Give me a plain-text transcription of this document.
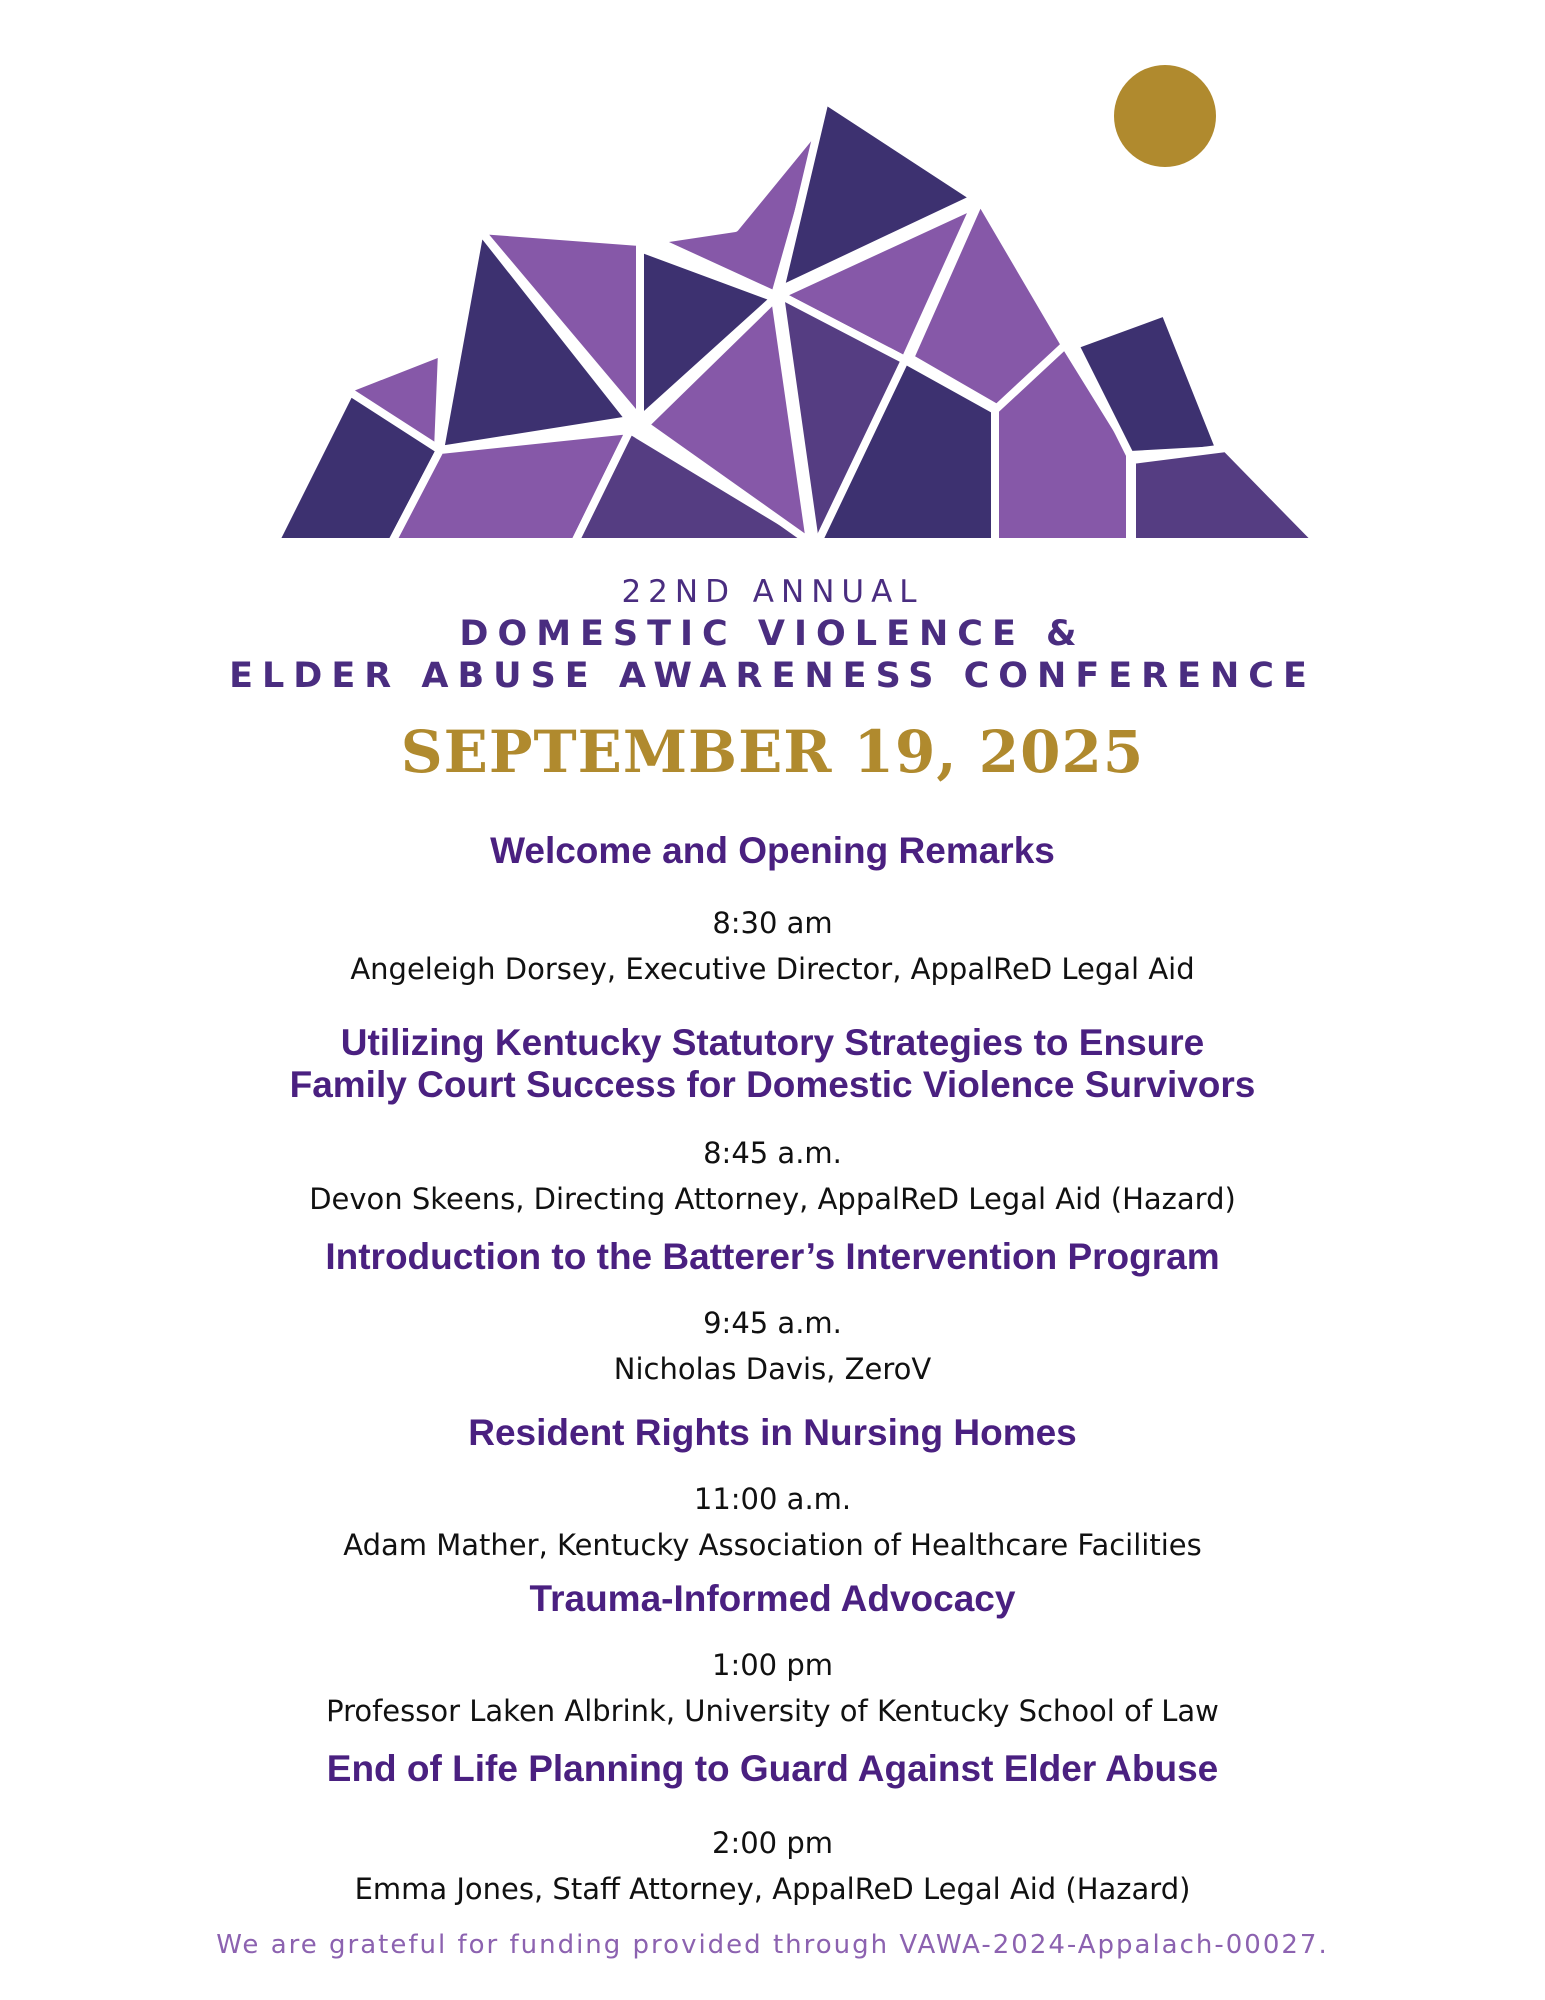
22ND ANNUAL
DOMESTIC VIOLENCE &
ELDER ABUSE AWARENESS CONFERENCE
SEPTEMBER 19, 2025
Welcome and Opening Remarks
8:30 am
Angeleigh Dorsey, Executive Director, AppalReD Legal Aid
Utilizing Kentucky Statutory Strategies to Ensure
Family Court Success for Domestic Violence Survivors
8:45 a.m.
Devon Skeens, Directing Attorney, AppalReD Legal Aid (Hazard)
Introduction to the Batterer’s Intervention Program
9:45 a.m.
Nicholas Davis, ZeroV
Resident Rights in Nursing Homes
11:00 a.m.
Adam Mather, Kentucky Association of Healthcare Facilities
Trauma-Informed Advocacy
1:00 pm
Professor Laken Albrink, University of Kentucky School of Law
End of Life Planning to Guard Against Elder Abuse
2:00 pm
Emma Jones, Staff Attorney, AppalReD Legal Aid (Hazard)
We are grateful for funding provided through VAWA-2024-Appalach-00027.
